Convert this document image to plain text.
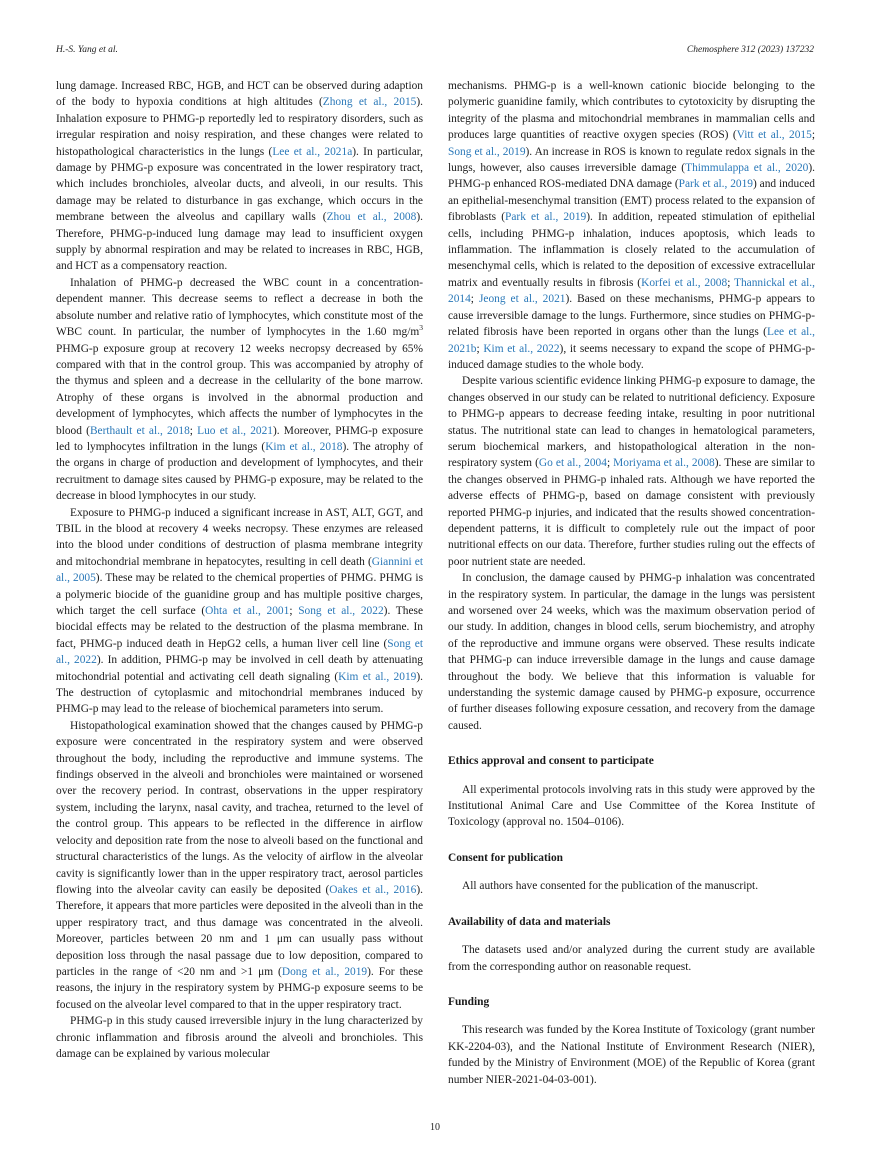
H.-S. Yang et al.	Chemosphere 312 (2023) 137232

lung damage. Increased RBC, HGB, and HCT can be observed during adaption of the body to hypoxia conditions at high altitudes (Zhong et al., 2015). Inhalation exposure to PHMG-p reportedly led to respiratory disorders, such as irregular respiration and noisy respiration, and these changes were related to histopathological characteristics in the lungs (Lee et al., 2021a). In particular, damage by PHMG-p exposure was concentrated in the lower respiratory tract, which includes bronchioles, alveolar ducts, and alveoli, in our results. This damage may be related to disturbance in gas exchange, which occurs in the membrane between the alveolus and capillary walls (Zhou et al., 2008). Therefore, PHMG-p-induced lung damage may lead to insufficient oxygen supply by abnormal respiration and may be related to increases in RBC, HGB, and HCT as a compensatory reaction.

Inhalation of PHMG-p decreased the WBC count in a concentration-dependent manner. This decrease seems to reflect a decrease in both the absolute number and relative ratio of lymphocytes, which constitute most of the WBC count. In particular, the number of lymphocytes in the 1.60 $mg/m^3$ PHMG-p exposure group at recovery 12 weeks necropsy decreased by 65% compared with that in the control group. This was accompanied by atrophy of the thymus and spleen and a decrease in the cellularity of the bone marrow. Atrophy of these organs is involved in the abnormal production and development of lymphocytes, which affects the number of lymphocytes in the blood (Berthault et al., 2018; Luo et al., 2021). Moreover, PHMG-p exposure led to lymphocytes infiltration in the lungs (Kim et al., 2018). The atrophy of the organs in charge of production and development of lymphocytes, and their recruitment to damage sites caused by PHMG-p exposure, may be related to the decrease in blood lymphocytes in our study.

Exposure to PHMG-p induced a significant increase in AST, ALT, GGT, and TBIL in the blood at recovery 4 weeks necropsy. These enzymes are released into the blood under conditions of destruction of plasma membrane integrity and mitochondrial membrane in hepatocytes, resulting in cell death (Giannini et al., 2005). These may be related to the chemical properties of PHMG. PHMG is a polymeric biocide of the guanidine group and has multiple positive charges, which target the cell surface (Ohta et al., 2001; Song et al., 2022). These biocidal effects may be related to the destruction of the plasma membrane. In fact, PHMG-p induced death in HepG2 cells, a human liver cell line (Song et al., 2022). In addition, PHMG-p may be involved in cell death by attenuating mitochondrial potential and activating cell death signaling (Kim et al., 2019). The destruction of cytoplasmic and mitochondrial membranes induced by PHMG-p may lead to the release of biochemical parameters into serum.

Histopathological examination showed that the changes caused by PHMG-p exposure were concentrated in the respiratory system and were observed throughout the body, including the reproductive and immune systems. The findings observed in the alveoli and bronchioles were maintained or worsened over the recovery period. In contrast, observations in the upper respiratory system, including the larynx, nasal cavity, and trachea, returned to the level of the control group. This appears to be reflected in the difference in airflow velocity and deposition rate from the nose to alveoli based on the functional and structural characteristics of the lungs. As the velocity of airflow in the alveolar cavity is significantly lower than in the upper respiratory tract, aerosol particles flowing into the alveolar cavity can easily be deposited (Oakes et al., 2016). Therefore, it appears that more particles were deposited in the alveoli than in the upper respiratory tract, and thus damage was concentrated in the alveoli. Moreover, particles between 20 nm and 1 μm can usually pass without deposition loss through the nasal passage due to low deposition, compared to particles in the range of <20 nm and >1 μm (Dong et al., 2019). For these reasons, the injury in the respiratory system by PHMG-p exposure seems to be focused on the alveolar level compared to that in the upper respiratory tract.

PHMG-p in this study caused irreversible injury in the lung characterized by chronic inflammation and fibrosis around the alveoli and bronchioles. This damage can be explained by various molecular

mechanisms. PHMG-p is a well-known cationic biocide belonging to the polymeric guanidine family, which contributes to cytotoxicity by disrupting the integrity of the plasma and mitochondrial membranes in mammalian cells and produces large quantities of reactive oxygen species (ROS) (Vitt et al., 2015; Song et al., 2019). An increase in ROS is known to regulate redox signals in the lungs, however, also causes irreversible damage (Thimmulappa et al., 2020). PHMG-p enhanced ROS-mediated DNA damage (Park et al., 2019) and induced an epithelial-mesenchymal transition (EMT) process related to the expansion of fibroblasts (Park et al., 2019). In addition, repeated stimulation of epithelial cells, including PHMG-p inhalation, induces apoptosis, which leads to inflammation. The inflammation is closely related to the accumulation of mesenchymal cells, which is related to the deposition of excessive extracellular matrix and eventually results in fibrosis (Korfei et al., 2008; Thannickal et al., 2014; Jeong et al., 2021). Based on these mechanisms, PHMG-p appears to cause irreversible damage to the lungs. Furthermore, since studies on PHMG-p-related fibrosis have been reported in organs other than the lungs (Lee et al., 2021b; Kim et al., 2022), it seems necessary to expand the scope of PHMG-p-induced damage studies to the whole body.

Despite various scientific evidence linking PHMG-p exposure to damage, the changes observed in our study can be related to nutritional deficiency. Exposure to PHMG-p appears to decrease feeding intake, resulting in poor nutritional status. The nutritional state can lead to changes in hematological parameters, serum biochemical markers, and histopathological alteration in the non-respiratory system (Go et al., 2004; Moriyama et al., 2008). These are similar to the changes observed in PHMG-p inhaled rats. Although we have reported the adverse effects of PHMG-p, based on damage consistent with previously reported PHMG-p injuries, and indicated that the results showed concentration-dependent patterns, it is difficult to completely rule out the impact of poor nutritional effects on our data. Therefore, further studies ruling out the effects of poor nutrient state are needed.

In conclusion, the damage caused by PHMG-p inhalation was concentrated in the respiratory system. In particular, the damage in the lungs was persistent and worsened over 24 weeks, which was the maximum observation period of our study. In addition, changes in blood cells, serum biochemistry, and atrophy of the reproductive and immune organs were observed. These results indicate that PHMG-p can induce irreversible damage in the lungs and cause damage throughout the body. We believe that this information is valuable for understanding the systemic damage caused by PHMG-p exposure, occurrence of further diseases following exposure cessation, and recovery from the damage caused.

Ethics approval and consent to participate

All experimental protocols involving rats in this study were approved by the Institutional Animal Care and Use Committee of the Korea Institute of Toxicology (approval no. 1504–0106).

Consent for publication

All authors have consented for the publication of the manuscript.

Availability of data and materials

The datasets used and/or analyzed during the current study are available from the corresponding author on reasonable request.

Funding

This research was funded by the Korea Institute of Toxicology (grant number KK-2204-03), and the National Institute of Environment Research (NIER), funded by the Ministry of Environment (MOE) of the Republic of Korea (grant number NIER-2021-04-03-001).

10
